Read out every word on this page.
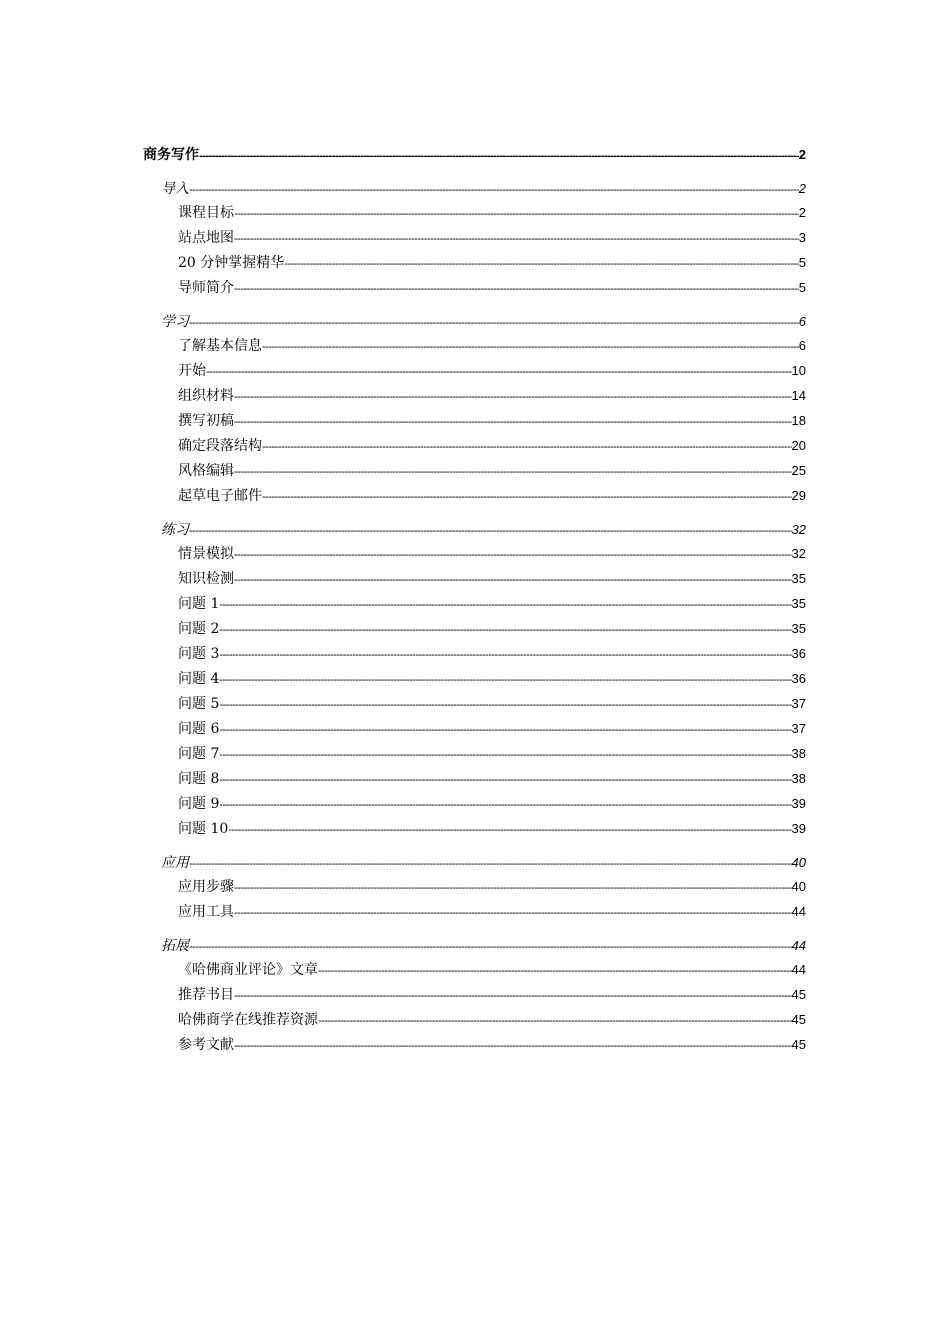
商务写作 -----	2
导入 -----	2
课程目标 -----	2
站点地图 -----	3
20 分钟掌握精华 -----	5
导师简介 -----	5
学习 -----	6
了解基本信息 -----	6
开始 -----	10
组织材料 -----	14
撰写初稿 -----	18
确定段落结构 -----	20
风格编辑 -----	25
起草电子邮件 -----	29
练习 -----	32
情景模拟 -----	32
知识检测 -----	35
问题 1 -----	35
问题 2 -----	35
问题 3 -----	36
问题 4 -----	36
问题 5 -----	37
问题 6 -----	37
问题 7 -----	38
问题 8 -----	38
问题 9 -----	39
问题 10 -----	39
应用 -----	40
应用步骤 -----	40
应用工具 -----	44
拓展 -----	44
《哈佛商业评论》文章 -----	44
推荐书目 -----	45
哈佛商学在线推荐资源 -----	45
参考文献 -----	45
